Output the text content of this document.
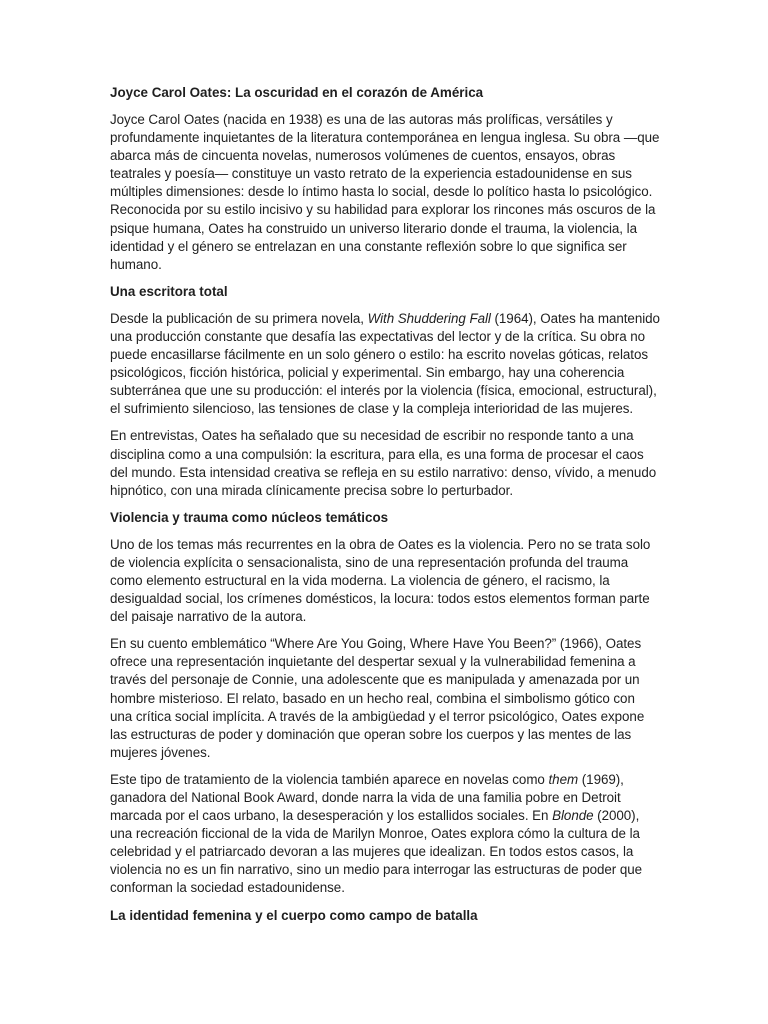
Joyce Carol Oates: La oscuridad en el corazón de América

Joyce Carol Oates (nacida en 1938) es una de las autoras más prolíficas, versátiles y profundamente inquietantes de la literatura contemporánea en lengua inglesa. Su obra —que abarca más de cincuenta novelas, numerosos volúmenes de cuentos, ensayos, obras teatrales y poesía— constituye un vasto retrato de la experiencia estadounidense en sus múltiples dimensiones: desde lo íntimo hasta lo social, desde lo político hasta lo psicológico. Reconocida por su estilo incisivo y su habilidad para explorar los rincones más oscuros de la psique humana, Oates ha construido un universo literario donde el trauma, la violencia, la identidad y el género se entrelazan en una constante reflexión sobre lo que significa ser humano.

Una escritora total

Desde la publicación de su primera novela, With Shuddering Fall (1964), Oates ha mantenido una producción constante que desafía las expectativas del lector y de la crítica. Su obra no puede encasillarse fácilmente en un solo género o estilo: ha escrito novelas góticas, relatos psicológicos, ficción histórica, policial y experimental. Sin embargo, hay una coherencia subterránea que une su producción: el interés por la violencia (física, emocional, estructural), el sufrimiento silencioso, las tensiones de clase y la compleja interioridad de las mujeres.

En entrevistas, Oates ha señalado que su necesidad de escribir no responde tanto a una disciplina como a una compulsión: la escritura, para ella, es una forma de procesar el caos del mundo. Esta intensidad creativa se refleja en su estilo narrativo: denso, vívido, a menudo hipnótico, con una mirada clínicamente precisa sobre lo perturbador.

Violencia y trauma como núcleos temáticos

Uno de los temas más recurrentes en la obra de Oates es la violencia. Pero no se trata solo de violencia explícita o sensacionalista, sino de una representación profunda del trauma como elemento estructural en la vida moderna. La violencia de género, el racismo, la desigualdad social, los crímenes domésticos, la locura: todos estos elementos forman parte del paisaje narrativo de la autora.

En su cuento emblemático “Where Are You Going, Where Have You Been?” (1966), Oates ofrece una representación inquietante del despertar sexual y la vulnerabilidad femenina a través del personaje de Connie, una adolescente que es manipulada y amenazada por un hombre misterioso. El relato, basado en un hecho real, combina el simbolismo gótico con una crítica social implícita. A través de la ambigüedad y el terror psicológico, Oates expone las estructuras de poder y dominación que operan sobre los cuerpos y las mentes de las mujeres jóvenes.

Este tipo de tratamiento de la violencia también aparece en novelas como them (1969), ganadora del National Book Award, donde narra la vida de una familia pobre en Detroit marcada por el caos urbano, la desesperación y los estallidos sociales. En Blonde (2000), una recreación ficcional de la vida de Marilyn Monroe, Oates explora cómo la cultura de la celebridad y el patriarcado devoran a las mujeres que idealizan. En todos estos casos, la violencia no es un fin narrativo, sino un medio para interrogar las estructuras de poder que conforman la sociedad estadounidense.

La identidad femenina y el cuerpo como campo de batalla
